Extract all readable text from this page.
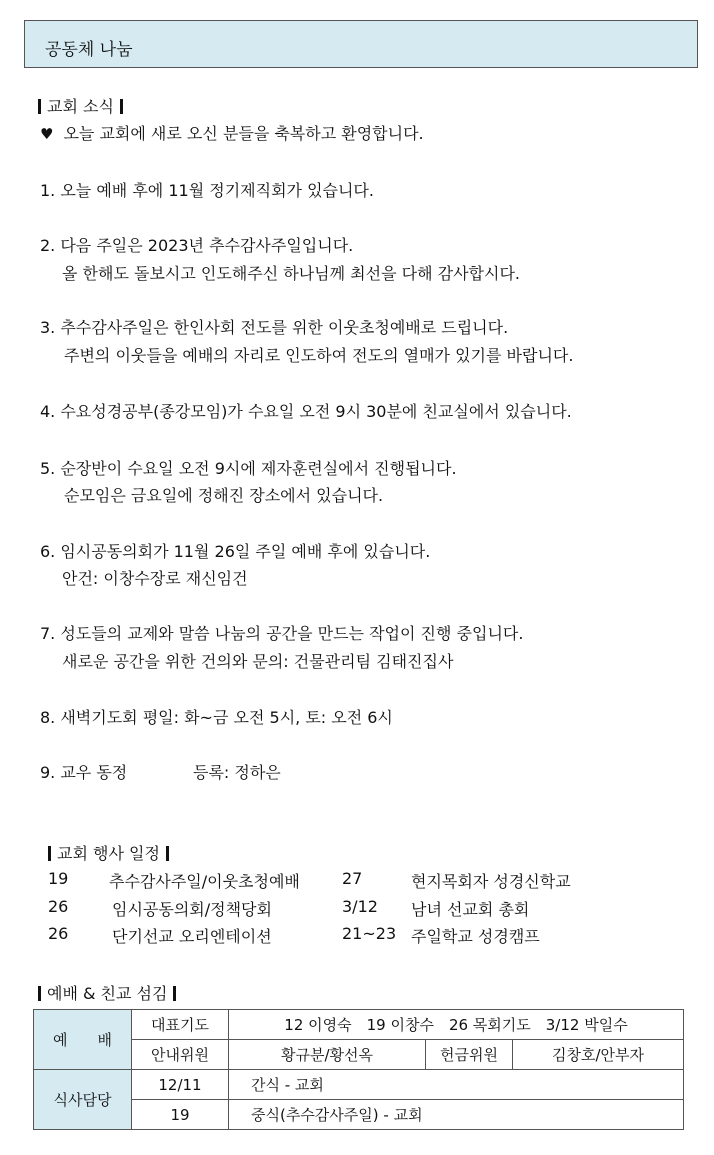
공동체 나눔
교회 소식
♥ 오늘 교회에 새로 오신 분들을 축복하고 환영합니다.
1. 오늘 예배 후에 11월 정기제직회가 있습니다.
2. 다음 주일은 2023년 추수감사주일입니다.
올 한해도 돌보시고 인도해주신 하나님께 최선을 다해 감사합시다.
3. 추수감사주일은 한인사회 전도를 위한 이웃초청예배로 드립니다.
주변의 이웃들을 예배의 자리로 인도하여 전도의 열매가 있기를 바랍니다.
4. 수요성경공부(종강모임)가 수요일 오전 9시 30분에 친교실에서 있습니다.
5. 순장반이 수요일 오전 9시에 제자훈련실에서 진행됩니다.
순모임은 금요일에 정해진 장소에서 있습니다.
6. 임시공동의회가 11월 26일 주일 예배 후에 있습니다.
안건: 이창수장로 재신임건
7. 성도들의 교제와 말씀 나눔의 공간을 만드는 작업이 진행 중입니다.
새로운 공간을 위한 건의와 문의: 건물관리팀 김태진집사
8. 새벽기도회 평일: 화~금 오전 5시, 토: 오전 6시
9. 교우 동정	등록: 정하은
교회 행사 일정
19	추수감사주일/이웃초청예배	27	현지목회자 성경신학교
26	임시공동의회/정책당회	3/12 남녀 선교회 총회
26	단기선교 오리엔테이션	21~23 주일학교 성경캠프
예배 & 친교 섬김
예　　배	대표기도	12 이영숙　19 이창수　26 목회기도　3/12 박일수		
	안내위원	황규분/황선옥	헌금위원	김창호/안부자
식사담당	12/11	간식 - 교회		
	19	중식(추수감사주일) - 교회		
